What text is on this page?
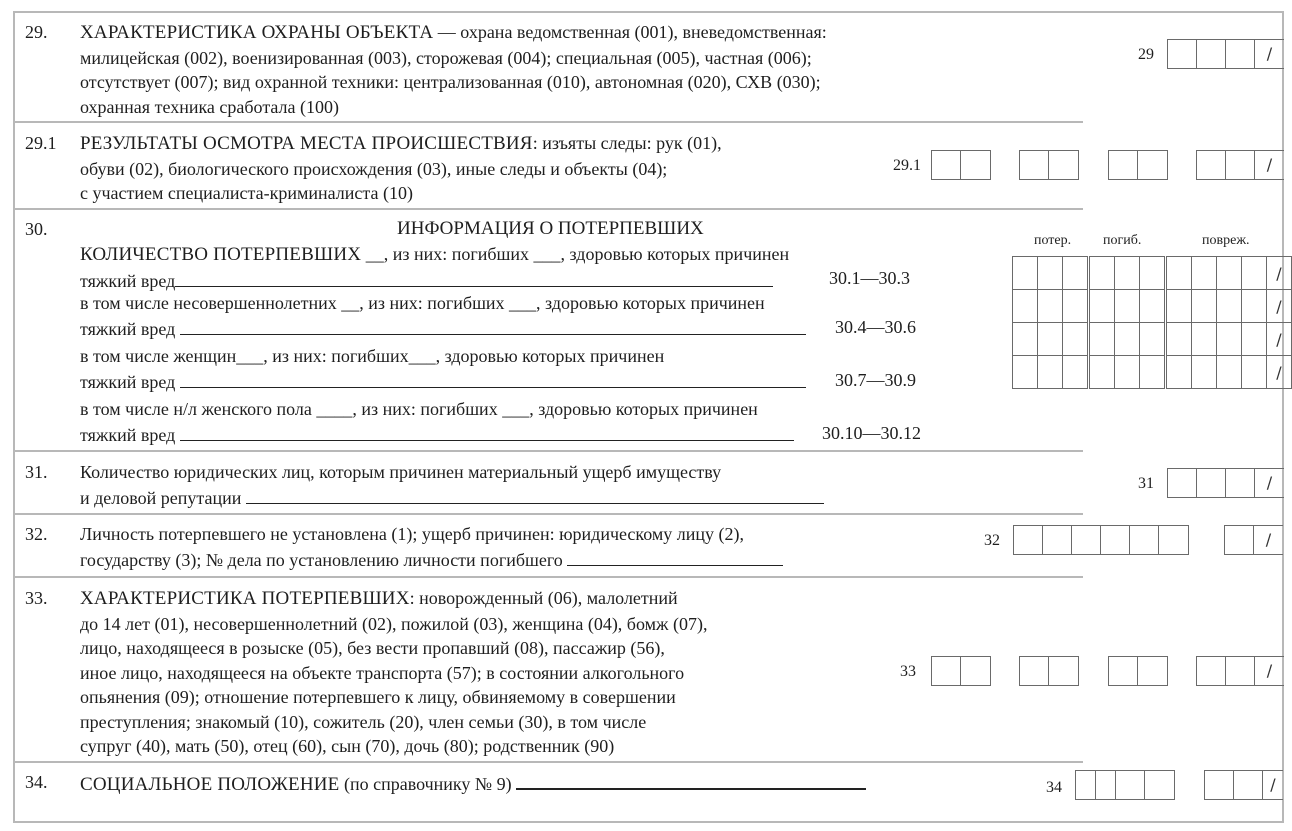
29. ХАРАКТЕРИСТИКА ОХРАНЫ ОБЪЕКТА — охрана ведомственная (001), вневедомственная:
милицейская (002), военизированная (003), сторожевая (004); специальная (005), частная (006);
отсутствует (007); вид охранной техники: централизованная (010), автономная (020), СХВ (030);
охранная техника сработала (100)
29	/
29.1 РЕЗУЛЬТАТЫ ОСМОТРА МЕСТА ПРОИСШЕСТВИЯ: изъяты следы: рук (01),
обуви (02), биологического происхождения (03), иные следы и объекты (04);
с участием специалиста-криминалиста (10)
29.1	/
30.	ИНФОРМАЦИЯ О ПОТЕРПЕВШИХ
КОЛИЧЕСТВО ПОТЕРПЕВШИХ __, из них: погибших ___, здоровью которых причинен
тяжкий вред	30.1—30.3
в том числе несовершеннолетних __, из них: погибших ___, здоровью которых причинен
тяжкий вред	30.4—30.6
в том числе женщин___, из них: погибших___, здоровью которых причинен
тяжкий вред	30.7—30.9
в том числе н/л женского пола ____, из них: погибших ___, здоровью которых причинен
тяжкий вред	30.10—30.12
потер. погиб.	повреж.
										/
										/
										/
										/
31. Количество юридических лиц, которым причинен материальный ущерб имуществу
и деловой репутации
31	/
32. Личность потерпевшего не установлена (1); ущерб причинен: юридическому лицу (2),
государству (3); № дела по установлению личности погибшего
32	/
33. ХАРАКТЕРИСТИКА ПОТЕРПЕВШИХ: новорожденный (06), малолетний
до 14 лет (01), несовершеннолетний (02), пожилой (03), женщина (04), бомж (07),
лицо, находящееся в розыске (05), без вести пропавший (08), пассажир (56),
иное лицо, находящееся на объекте транспорта (57); в состоянии алкогольного
опьянения (09); отношение потерпевшего к лицу, обвиняемому в совершении
преступления; знакомый (10), сожитель (20), член семьи (30), в том числе
супруг (40), мать (50), отец (60), сын (70), дочь (80); родственник (90)
33	/
34. СОЦИАЛЬНОЕ ПОЛОЖЕНИЕ (по справочнику № 9)	34	/
